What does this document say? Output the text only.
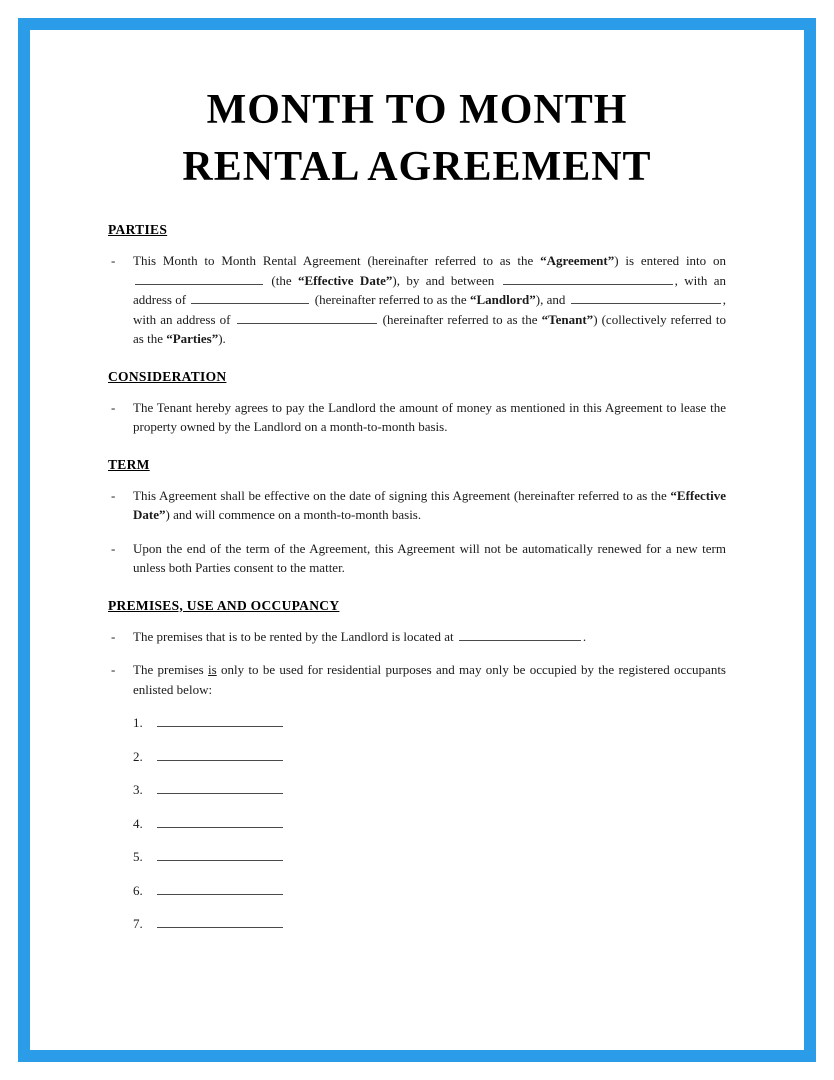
MONTH TO MONTH
RENTAL AGREEMENT
PARTIES
-	This Month to Month Rental Agreement (hereinafter referred to as the “Agreement”) is entered into on  (the “Effective Date”), by and between	, with an address of	(hereinafter referred to as the “Landlord”), and	, with an address of	(hereinafter referred to as the “Tenant”) (collectively referred to as the “Parties”).
CONSIDERATION
-	The Tenant hereby agrees to pay the Landlord the amount of money as mentioned in this Agreement to lease the property owned by the Landlord on a month-to-month basis.
TERM
-	This Agreement shall be effective on the date of signing this Agreement (hereinafter referred to as the “Effective Date”) and will commence on a month-to-month basis.
-	Upon the end of the term of the Agreement, this Agreement will not be automatically renewed for a new term unless both Parties consent to the matter.
PREMISES, USE AND OCCUPANCY
-	The premises that is to be rented by the Landlord is located at	.
-	The premises is only to be used for residential purposes and may only be occupied by the registered occupants enlisted below:
1.
2.
3.
4.
5.
6.
7.
